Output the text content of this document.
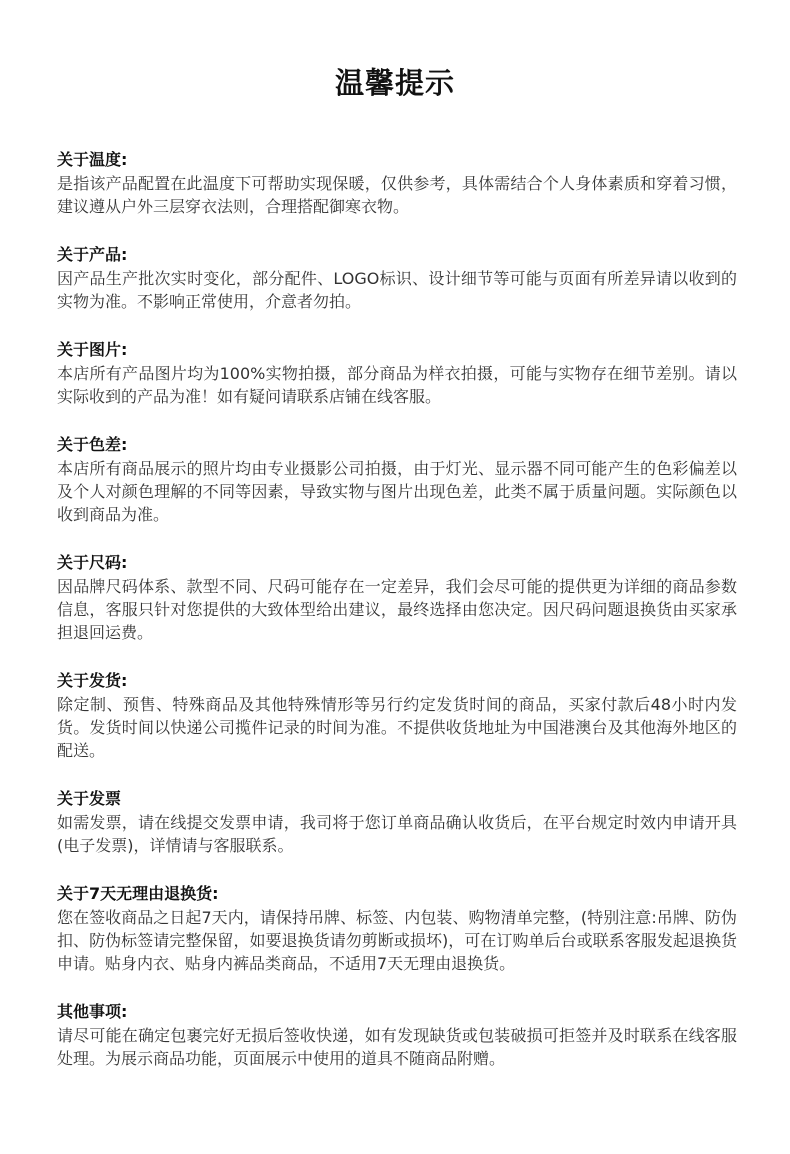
温馨提示
关于温度:
是指该产品配置在此温度下可帮助实现保暖，仅供参考，具体需结合个人身体素质和穿着习惯，建议遵从户外三层穿衣法则，合理搭配御寒衣物。
关于产品:
因产品生产批次实时变化，部分配件、LOGO标识、设计细节等可能与页面有所差异请以收到的实物为准。不影响正常使用，介意者勿拍。
关于图片:
本店所有产品图片均为100%实物拍摄，部分商品为样衣拍摄，可能与实物存在细节差别。请以实际收到的产品为准！如有疑问请联系店铺在线客服。
关于色差:
本店所有商品展示的照片均由专业摄影公司拍摄，由于灯光、显示器不同可能产生的色彩偏差以及个人对颜色理解的不同等因素，导致实物与图片出现色差，此类不属于质量问题。实际颜色以收到商品为准。
关于尺码:
因品牌尺码体系、款型不同、尺码可能存在一定差异，我们会尽可能的提供更为详细的商品参数信息，客服只针对您提供的大致体型给出建议，最终选择由您决定。因尺码问题退换货由买家承担退回运费。
关于发货:
除定制、预售、特殊商品及其他特殊情形等另行约定发货时间的商品，买家付款后48小时内发货。发货时间以快递公司揽件记录的时间为准。不提供收货地址为中国港澳台及其他海外地区的配送。
关于发票
如需发票，请在线提交发票申请，我司将于您订单商品确认收货后，在平台规定时效内申请开具(电子发票)，详情请与客服联系。
关于7天无理由退换货:
您在签收商品之日起7天内，请保持吊牌、标签、内包装、购物清单完整，(特别注意:吊牌、防伪扣、防伪标签请完整保留，如要退换货请勿剪断或损坏)，可在订购单后台或联系客服发起退换货申请。贴身内衣、贴身内裤品类商品，不适用7天无理由退换货。
其他事项:
请尽可能在确定包裹完好无损后签收快递，如有发现缺货或包装破损可拒签并及时联系在线客服处理。为展示商品功能，页面展示中使用的道具不随商品附赠。
